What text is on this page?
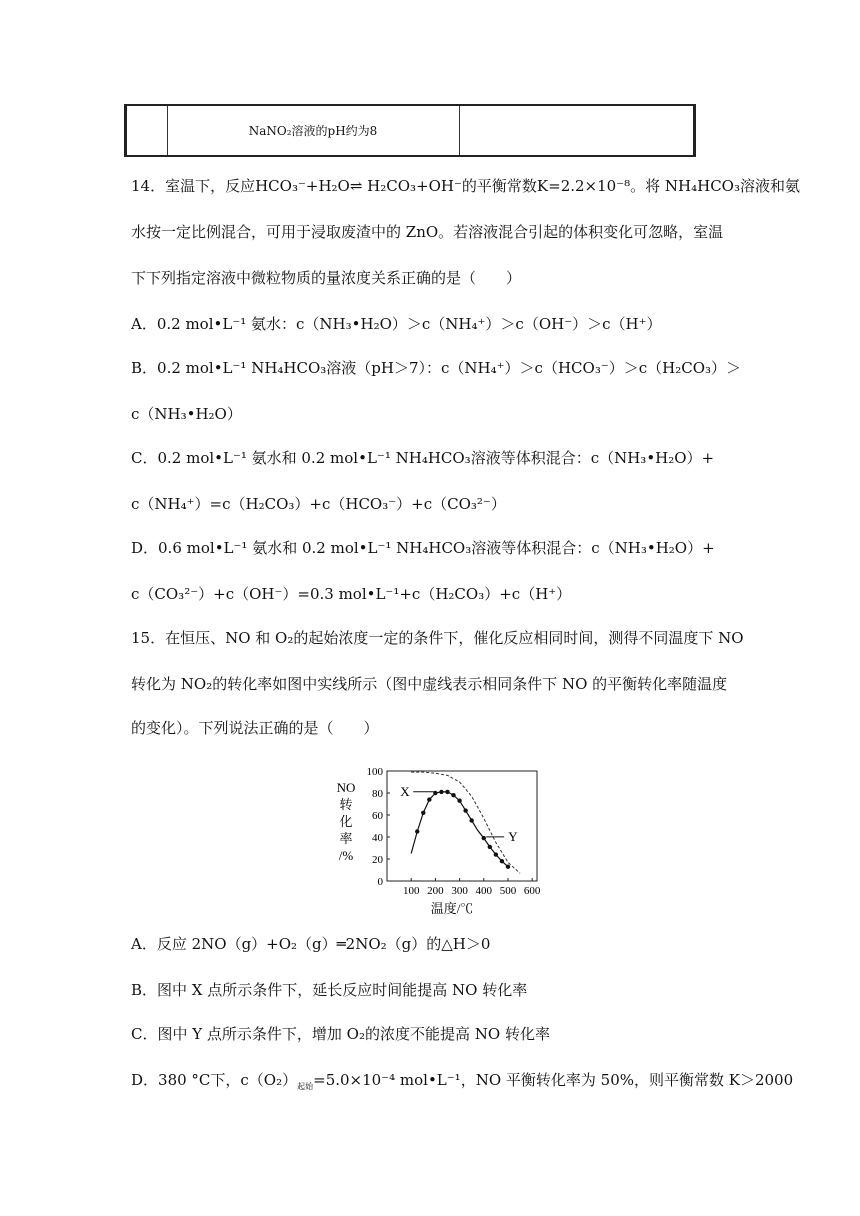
NaNO₂溶液的pH约为8
14．室温下，反应HCO₃⁻+H₂O⇌ H₂CO₃+OH⁻的平衡常数K=2.2×10⁻⁸。将 NH₄HCO₃溶液和氨
水按一定比例混合，可用于浸取废渣中的 ZnO。若溶液混合引起的体积变化可忽略，室温
下下列指定溶液中微粒物质的量浓度关系正确的是（　　）
A．0.2 mol•L⁻¹ 氨水：c（NH₃•H₂O）＞c（NH₄⁺）＞c（OH⁻）＞c（H⁺）
B．0.2 mol•L⁻¹ NH₄HCO₃溶液（pH＞7）：c（NH₄⁺）＞c（HCO₃⁻）＞c（H₂CO₃）＞
c（NH₃•H₂O）
C．0.2 mol•L⁻¹ 氨水和 0.2 mol•L⁻¹ NH₄HCO₃溶液等体积混合：c（NH₃•H₂O）+
c（NH₄⁺）=c（H₂CO₃）+c（HCO₃⁻）+c（CO₃²⁻）
D．0.6 mol•L⁻¹ 氨水和 0.2 mol•L⁻¹ NH₄HCO₃溶液等体积混合：c（NH₃•H₂O）+
c（CO₃²⁻）+c（OH⁻）=0.3 mol•L⁻¹+c（H₂CO₃）+c（H⁺）
15．在恒压、NO 和 O₂的起始浓度一定的条件下，催化反应相同时间，测得不同温度下 NO
转化为 NO₂的转化率如图中实线所示（图中虚线表示相同条件下 NO 的平衡转化率随温度
的变化）。下列说法正确的是（　　）
0
20
40
60
80
100
100 200 300 400 500 600
温度/℃
NO
转
化
率
/%
X
Y
A．反应 2NO（g）+O₂（g）═2NO₂（g）的△H＞0
B．图中 X 点所示条件下，延长反应时间能提高 NO 转化率
C．图中 Y 点所示条件下，增加 O₂的浓度不能提高 NO 转化率
D．380 °C下，$c(O_2)_{起始}=5.0\times 10^{-4}$ mol•L⁻¹，NO 平衡转化率为 50%，则平衡常数 K＞2000
